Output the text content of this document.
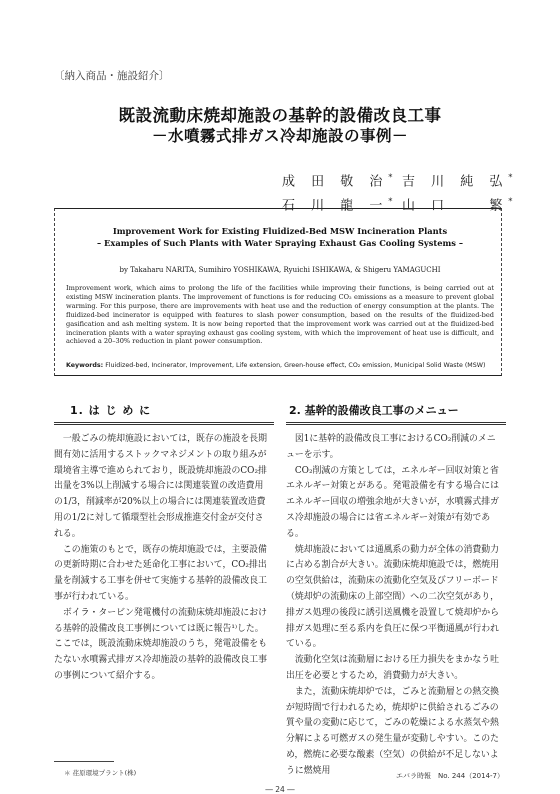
〔納入商品・施設紹介〕
既設流動床焼却施設の基幹的設備改良工事
－水噴霧式排ガス冷却施設の事例－
成 田 敬 治* 吉 川 純 弘*
石 川 龍 一* 山 口 　 繁*
Improvement Work for Existing Fluidized-Bed MSW Incineration Plants
– Examples of Such Plants with Water Spraying Exhaust Gas Cooling Systems –
by Takaharu NARITA, Sumihiro YOSHIKAWA, Ryuichi ISHIKAWA, & Shigeru YAMAGUCHI
Improvement work, which aims to prolong the life of the facilities while improving their functions, is being carried out at existing MSW incineration plants. The improvement of functions is for reducing CO₂ emissions as a measure to prevent global warming. For this purpose, there are improvements with heat use and the reduction of energy consumption at the plants. The fluidized-bed incinerator is equipped with features to slash power consumption, based on the results of the fluidized-bed gasification and ash melting system. It is now being reported that the improvement work was carried out at the fluidized-bed incineration plants with a water spraying exhaust gas cooling system, with which the improvement of heat use is difficult, and achieved a 20–30% reduction in plant power consumption.
Keywords: Fluidized-bed, Incinerator, Improvement, Life extension, Green-house effect, CO₂ emission, Municipal Solid Waste (MSW)
1. は じ め に	2. 基幹的設備改良工事のメニュー

一般ごみの焼却施設においては，既存の施設を長期間有効に活用するストックマネジメントの取り組みが環境省主導で進められており，既設焼却施設のCO₂排出量を3%以上削減する場合には関連装置の改造費用の1/3，削減率が20%以上の場合には関連装置改造費用の1/2に対して循環型社会形成推進交付金が交付される。

この施策のもとで，既存の焼却施設では，主要設備の更新時期に合わせた延命化工事において，CO₂排出量を削減する工事を併せて実施する基幹的設備改良工事が行われている。

ボイラ・タービン発電機付の流動床焼却施設における基幹的設備改良工事例については既に報告¹⁾した。ここでは，既設流動床焼却施設のうち，発電設備をもたない水噴霧式排ガス冷却施設の基幹的設備改良工事の事例について紹介する。

図1に基幹的設備改良工事におけるCO₂削減のメニューを示す。

CO₂削減の方策としては，エネルギー回収対策と省エネルギー対策とがある。発電設備を有する場合にはエネルギー回収の増強余地が大きいが，水噴霧式排ガス冷却施設の場合には省エネルギー対策が有効である。

焼却施設においては通風系の動力が全体の消費動力に占める割合が大きい。流動床焼却施設では，燃焼用の空気供給は，流動床の流動化空気及びフリーボード（焼却炉の流動床の上部空間）への二次空気があり，排ガス処理の後段に誘引送風機を設置して焼却炉から排ガス処理に至る系内を負圧に保つ平衡通風が行われている。

流動化空気は流動層における圧力損失をまかなう吐出圧を必要とするため，消費動力が大きい。

また，流動床焼却炉では，ごみと流動層との熱交換が短時間で行われるため，焼却炉に供給されるごみの質や量の変動に応じて，ごみの乾燥による水蒸気や熱分解による可燃ガスの発生量が変動しやすい。このため，燃焼に必要な酸素（空気）の供給が不足しないように燃焼用

＊ 荏原環境プラント(株)	エバラ時報　No. 244（2014-7）
― 24 ―
